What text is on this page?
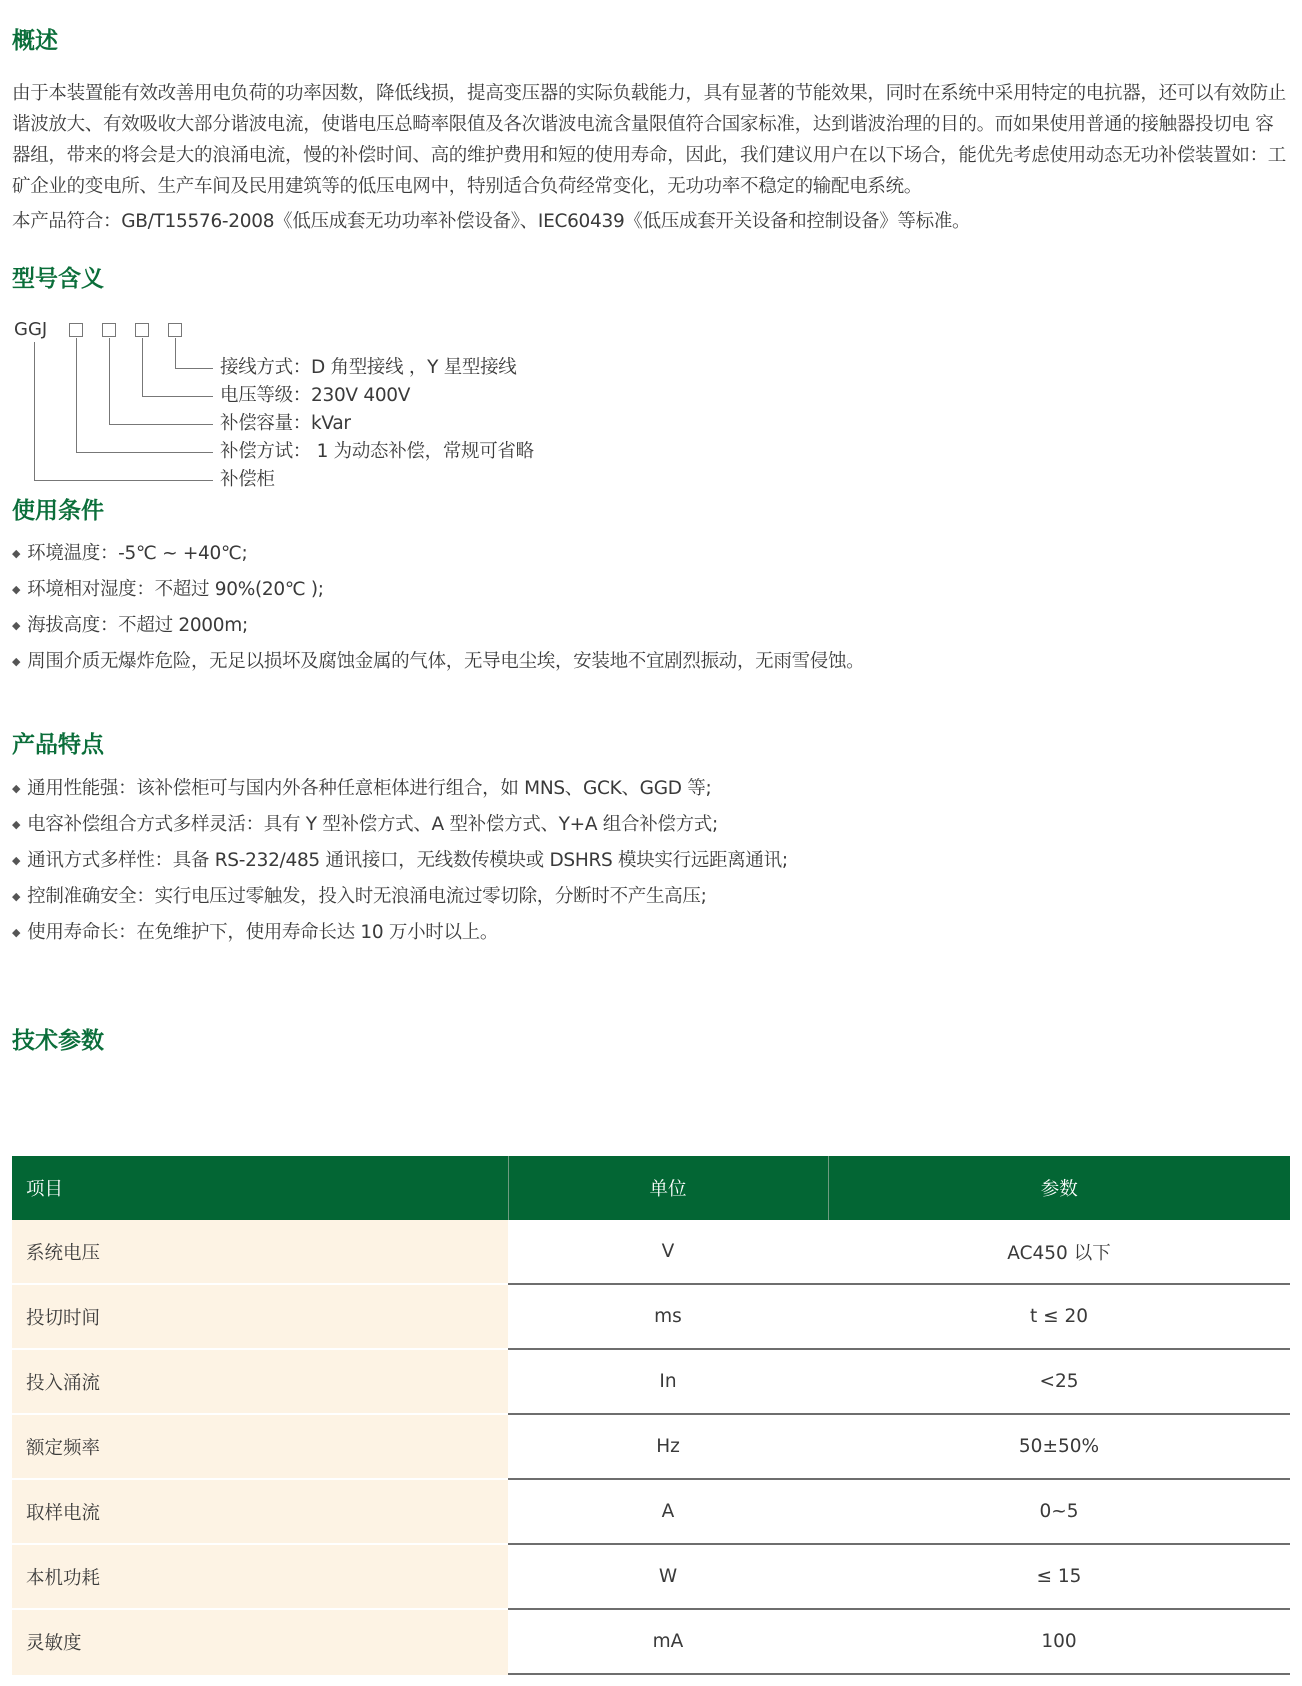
概述
由于本装置能有效改善用电负荷的功率因数，降低线损，提高变压器的实际负载能力，具有显著的节能效果，同时在系统中采用特定的电抗器，还可以有效防止谐波放大、有效吸收大部分谐波电流，使谐电压总畸率限值及各次谐波电流含量限值符合国家标准，达到谐波治理的目的。而如果使用普通的接触器投切电 容器组，带来的将会是大的浪涌电流，慢的补偿时间、高的维护费用和短的使用寿命，因此，我们建议用户在以下场合，能优先考虑使用动态无功补偿装置如：工矿企业的变电所、生产车间及民用建筑等的低压电网中，特别适合负荷经常变化，无功功率不稳定的输配电系统。
本产品符合：GB/T15576-2008《低压成套无功功率补偿设备》、IEC60439《低压成套开关设备和控制设备》等标准。
型号含义
GGJ
接线方式：D 角型接线 ，Y 星型接线
电压等级：230V 400V
补偿容量：kVar
补偿方试： 1 为动态补偿，常规可省略
补偿柜
使用条件
◆ 环境温度：-5℃ ~ +40℃;
◆ 环境相对湿度：不超过 90%(20℃ );
◆ 海拔高度：不超过 2000m;
◆ 周围介质无爆炸危险，无足以损坏及腐蚀金属的气体，无导电尘埃，安装地不宜剧烈振动，无雨雪侵蚀。
产品特点
◆ 通用性能强：该补偿柜可与国内外各种任意柜体进行组合，如 MNS、GCK、GGD 等;
◆ 电容补偿组合方式多样灵活：具有 Y 型补偿方式、A 型补偿方式、Y+A 组合补偿方式;
◆ 通讯方式多样性：具备 RS-232/485 通讯接口，无线数传模块或 DSHRS 模块实行远距离通讯;
◆ 控制准确安全：实行电压过零触发，投入时无浪涌电流过零切除，分断时不产生高压;
◆ 使用寿命长：在免维护下，使用寿命长达 10 万小时以上。
技术参数
项目	单位	参数
系统电压	V	AC450 以下
投切时间	ms	t ≤ 20
投入涌流	In	<25
额定频率	Hz	50±50%
取样电流	A	0~5
本机功耗	W	≤ 15
灵敏度	mA	100
